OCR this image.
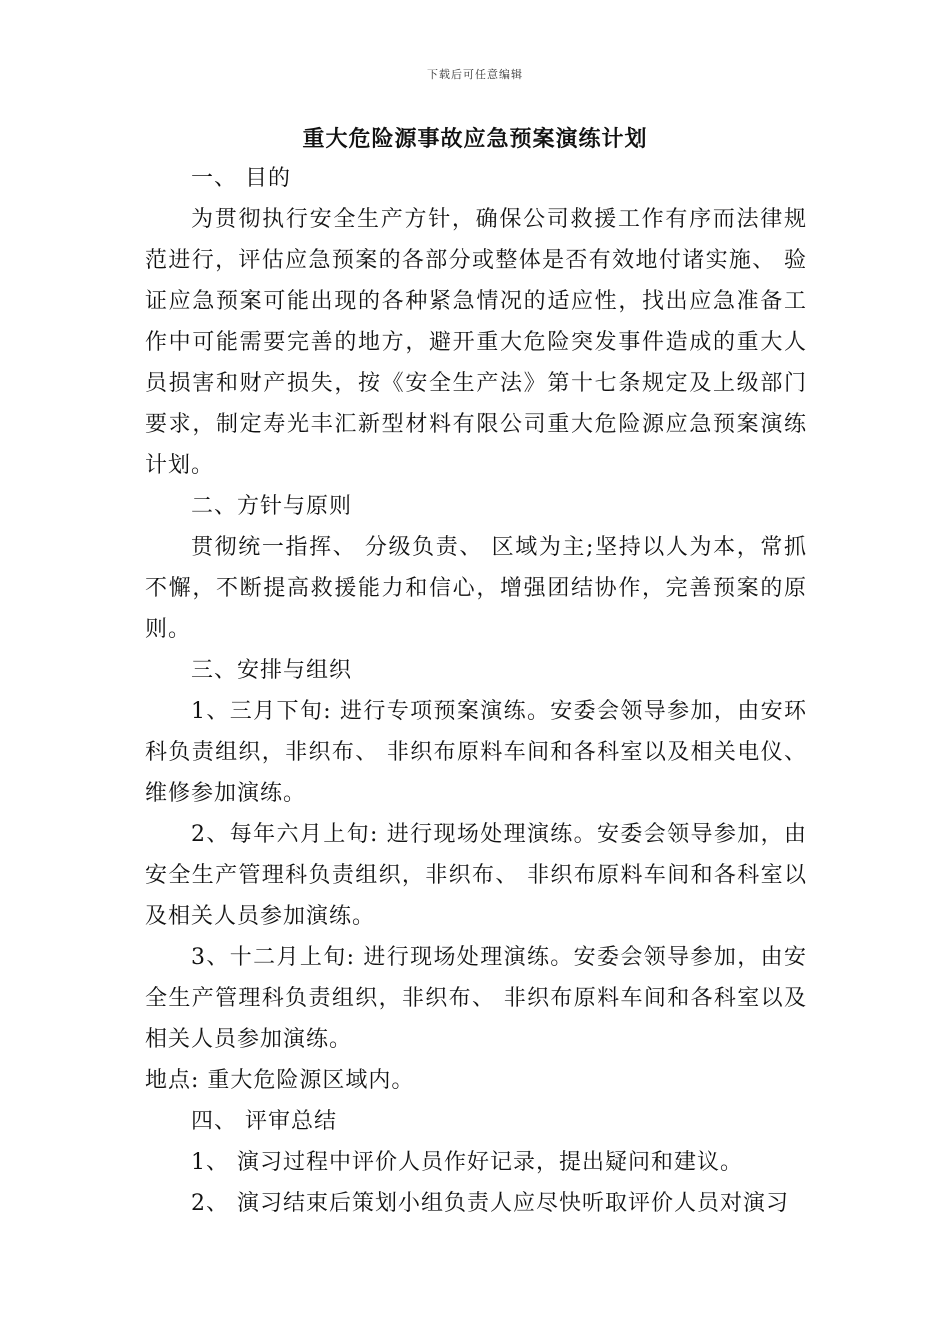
下载后可任意编辑
重大危险源事故应急预案演练计划

一、 目的

为贯彻执行安全生产方针，确保公司救援工作有序而法律规范进行，评估应急预案的各部分或整体是否有效地付诸实施、 验证应急预案可能出现的各种紧急情况的适应性，找出应急准备工作中可能需要完善的地方，避开重大危险突发事件造成的重大人员损害和财产损失，按《安全生产法》第十七条规定及上级部门要求，制定寿光丰汇新型材料有限公司重大危险源应急预案演练计划。

二、方针与原则

贯彻统一指挥、 分级负责、 区域为主;坚持以人为本，常抓不懈，不断提高救援能力和信心，增强团结协作，完善预案的原则。

三、安排与组织

1、三月下旬: 进行专项预案演练。安委会领导参加，由安环科负责组织，非织布、 非织布原料车间和各科室以及相关电仪、维修参加演练。

2、每年六月上旬: 进行现场处理演练。安委会领导参加，由安全生产管理科负责组织，非织布、 非织布原料车间和各科室以及相关人员参加演练。

3、十二月上旬: 进行现场处理演练。安委会领导参加，由安全生产管理科负责组织，非织布、 非织布原料车间和各科室以及相关人员参加演练。

地点: 重大危险源区域内。

四、 评审总结

1、 演习过程中评价人员作好记录，提出疑问和建议。

2、 演习结束后策划小组负责人应尽快听取评价人员对演习
